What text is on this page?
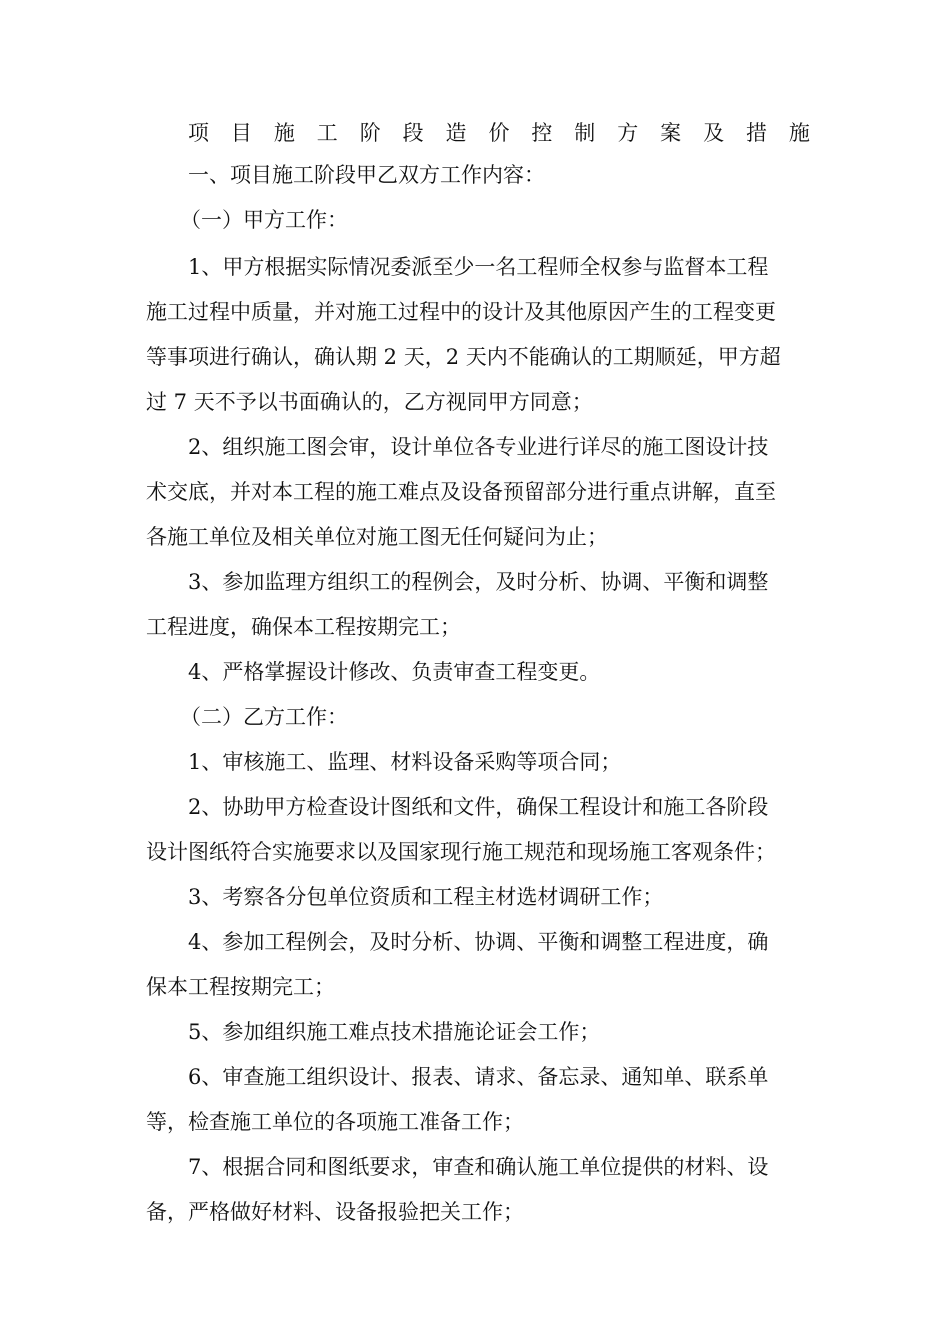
项 目 施 工 阶 段 造 价 控 制 方 案 及 措 施
一、项目施工阶段甲乙双方工作内容：
（一）甲方工作：
1、甲方根据实际情况委派至少一名工程师全权参与监督本工程
施工过程中质量，并对施工过程中的设计及其他原因产生的工程变更
等事项进行确认，确认期 2 天，2 天内不能确认的工期顺延，甲方超
过 7 天不予以书面确认的，乙方视同甲方同意；
2、组织施工图会审，设计单位各专业进行详尽的施工图设计技
术交底，并对本工程的施工难点及设备预留部分进行重点讲解，直至
各施工单位及相关单位对施工图无任何疑问为止；
3、参加监理方组织工的程例会，及时分析、协调、平衡和调整
工程进度，确保本工程按期完工；
4、严格掌握设计修改、负责审查工程变更。
（二）乙方工作：
1、审核施工、监理、材料设备采购等项合同；
2、协助甲方检查设计图纸和文件，确保工程设计和施工各阶段
设计图纸符合实施要求以及国家现行施工规范和现场施工客观条件；
3、考察各分包单位资质和工程主材选材调研工作；
4、参加工程例会，及时分析、协调、平衡和调整工程进度，确
保本工程按期完工；
5、参加组织施工难点技术措施论证会工作；
6、审查施工组织设计、报表、请求、备忘录、通知单、联系单
等，检查施工单位的各项施工准备工作；
7、根据合同和图纸要求，审查和确认施工单位提供的材料、设
备，严格做好材料、设备报验把关工作；
